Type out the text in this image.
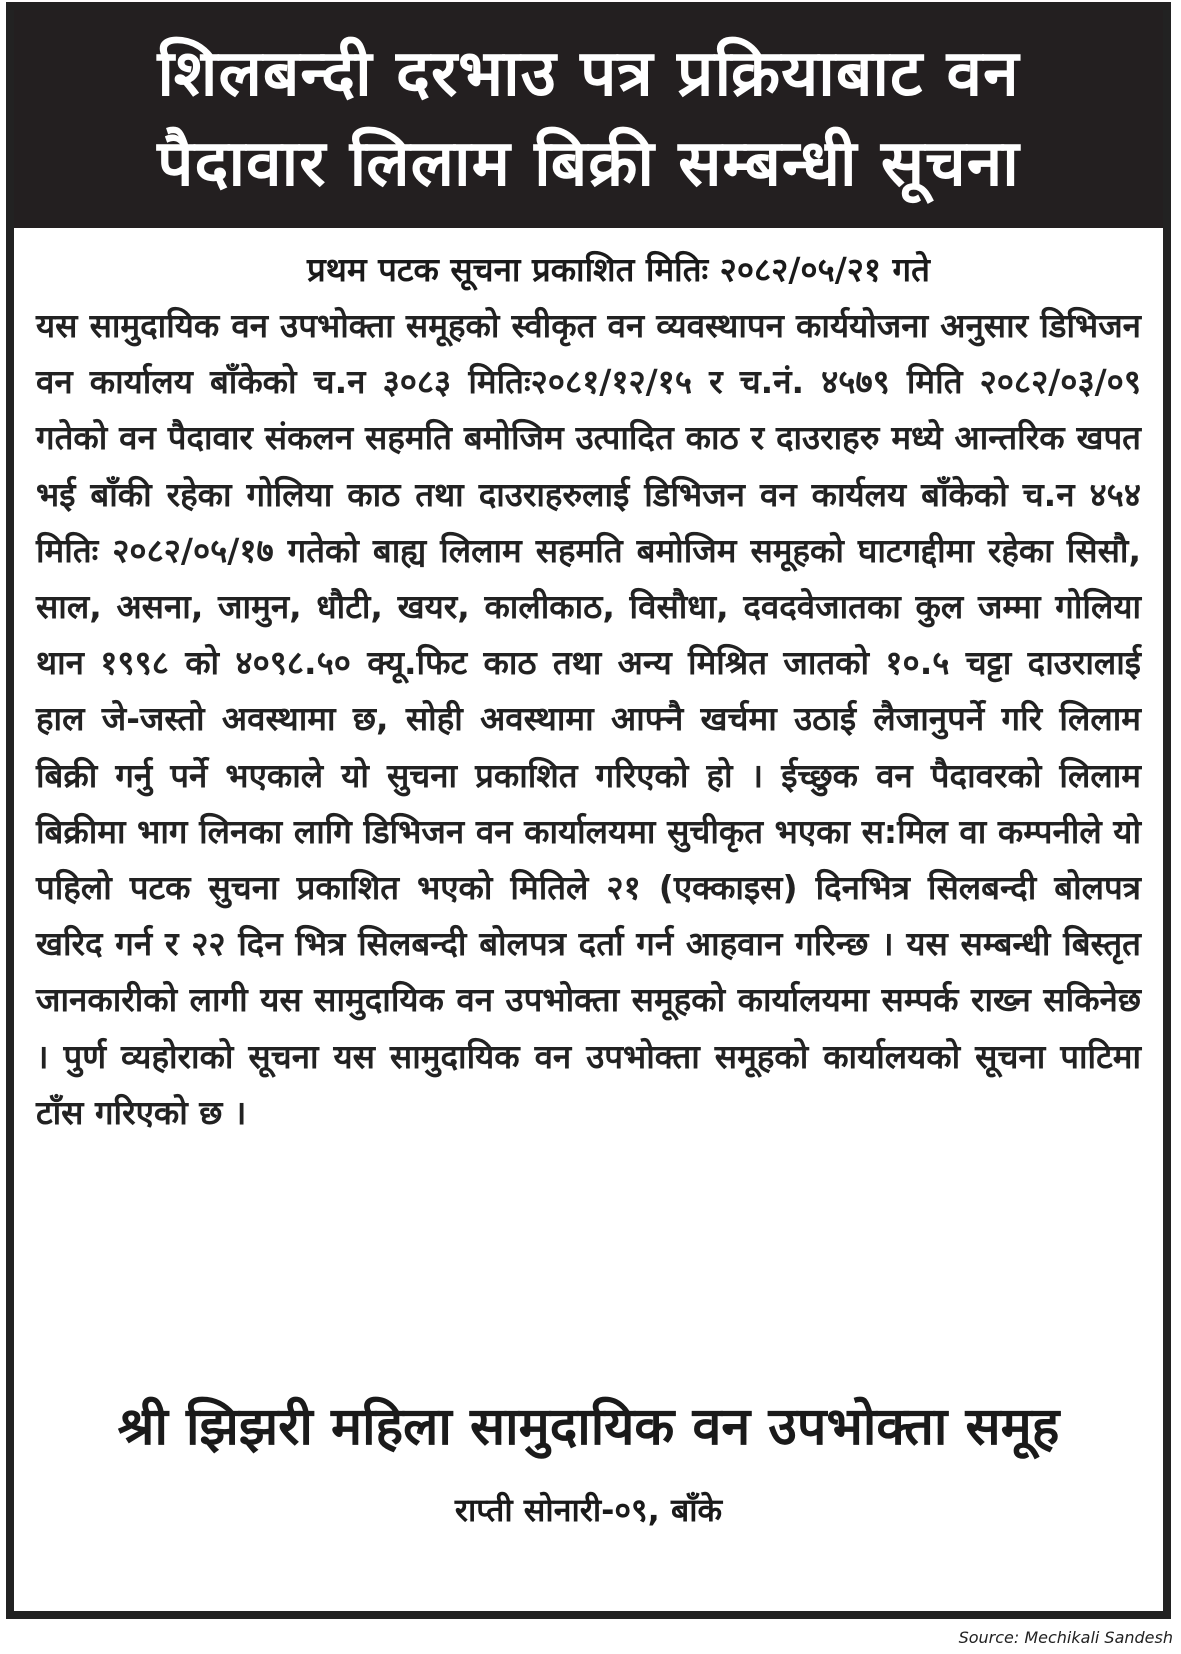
शिलबन्दी दरभाउ पत्र प्रक्रियाबाट वन
पैदावार लिलाम बिक्री सम्बन्धी सूचना
प्रथम पटक सूचना प्रकाशित मितिः २०८२/०५/२१ गते
यस सामुदायिक वन उपभोक्ता समूहको स्वीकृत वन व्यवस्थापन कार्ययोजना अनुसार डिभिजन वन कार्यालय बाँकेको च.न ३०८३ मितिः२०८१/१२/१५ र च.नं. ४५७९ मिति २०८२/०३/०९ गतेको वन पैदावार संकलन सहमति बमोजिम उत्पादित काठ र दाउराहरु मध्ये आन्तरिक खपत भई बाँकी रहेका गोलिया काठ तथा दाउराहरुलाई डिभिजन वन कार्यलय बाँकेको च.न ४५४ मितिः २०८२/०५/१७ गतेको बाह्य लिलाम सहमति बमोजिम समूहको घाटगद्दीमा रहेका सिसौ, साल, असना, जामुन, धौटी, खयर, कालीकाठ, विसौधा, दवदवेजातका कुल जम्मा गोलिया थान १९९८ को ४०९८.५० क्यू.फिट काठ तथा अन्य मिश्रित जातको १०.५ चट्टा दाउरालाई हाल जे-जस्तो अवस्थामा छ, सोही अवस्थामा आफ्नै खर्चमा उठाई लैजानुपर्ने गरि लिलाम बिक्री गर्नु पर्ने भएकाले यो सुचना प्रकाशित गरिएको हो । ईच्छुक वन पैदावरको लिलाम बिक्रीमा भाग लिनका लागि डिभिजन वन कार्यालयमा सुचीकृत भएका स:मिल वा कम्पनीले यो पहिलो पटक सुचना प्रकाशित भएको मितिले २१ (एक्काइस) दिनभित्र सिलबन्दी बोलपत्र खरिद गर्न र २२ दिन भित्र सिलबन्दी बोलपत्र दर्ता गर्न आहवान गरिन्छ । यस सम्बन्धी बिस्तृत जानकारीको लागी यस सामुदायिक वन उपभोक्ता समूहको कार्यालयमा सम्पर्क राख्न सकिनेछ । पुर्ण व्यहोराको सूचना यस सामुदायिक वन उपभोक्ता समूहको कार्यालयको सूचना पाटिमा टाँस गरिएको छ ।
श्री झिझरी महिला सामुदायिक वन उपभोक्ता समूह
राप्ती सोनारी-०९, बाँके
Source: Mechikali Sandesh
